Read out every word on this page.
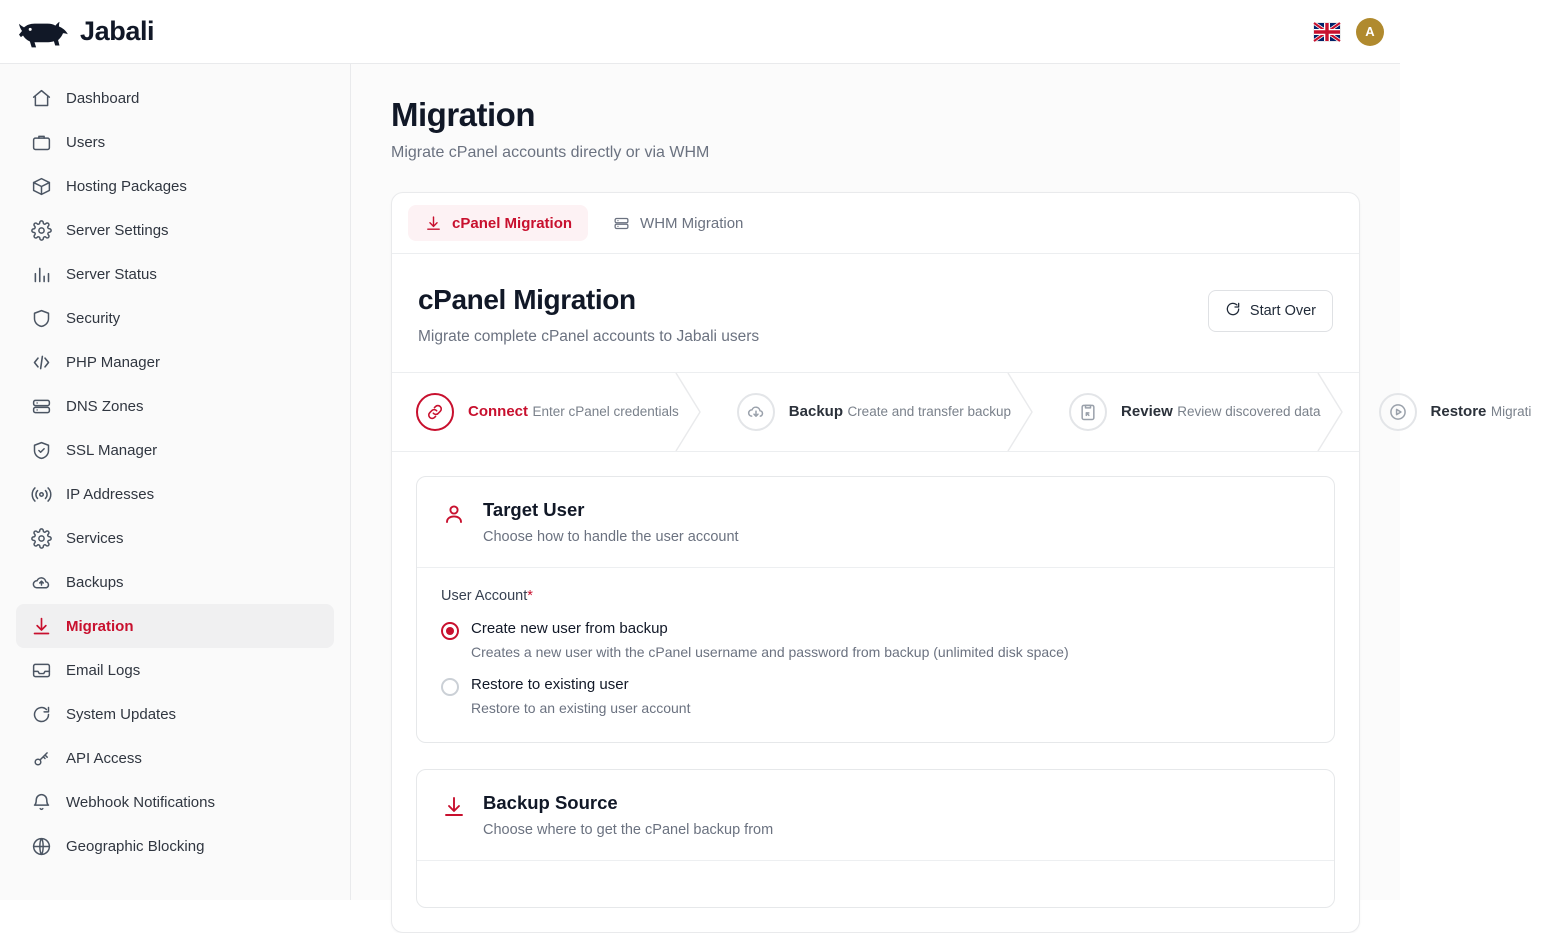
Jabali	A
Dashboard
Users
Hosting Packages
Server Settings
Server Status
Security
PHP Manager
DNS Zones
SSL Manager
IP Addresses
Services
Backups
Migration
Email Logs
System Updates
API Access
Webhook Notifications
Geographic Blocking
Migration
Migrate cPanel accounts directly or via WHM
cPanel Migration	WHM Migration
cPanel Migration
Migrate complete cPanel accounts to Jabali users
Start Over
Connect Enter cPanel credentials	Backup Create and transfer backup	Review Review discovered data	Restore Migrati
Target User
Choose how to handle the user account
User Account*
Create new user from backup
Creates a new user with the cPanel username and password from backup (unlimited disk space)
Restore to existing user
Restore to an existing user account
Backup Source
Choose where to get the cPanel backup from
